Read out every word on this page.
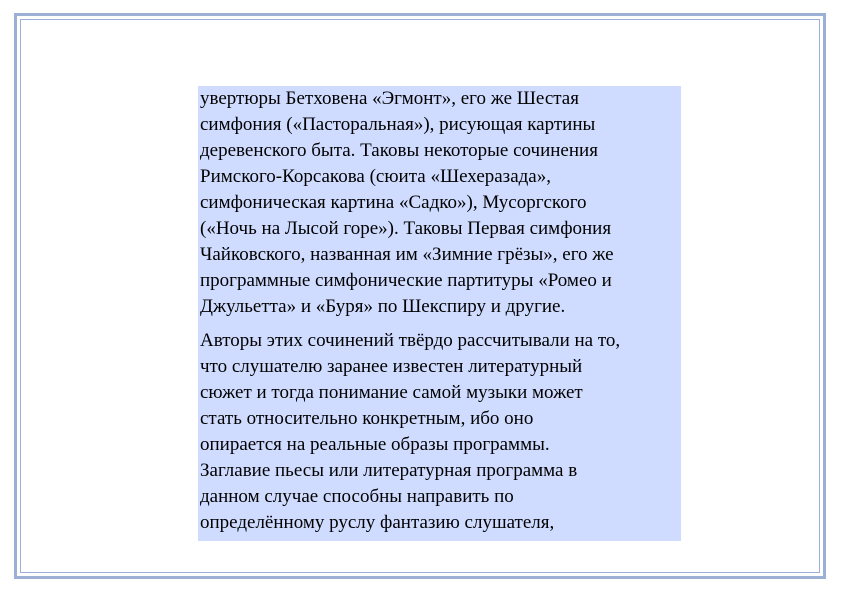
увертюры Бетховена «Эгмонт», его же Шестая
симфония («Пасторальная»), рисующая картины
деревенского быта. Таковы некоторые сочинения
Римского-Корсакова (сюита «Шехеразада»,
симфоническая картина «Садко»), Мусоргского
(«Ночь на Лысой горе»). Таковы Первая симфония
Чайковского, названная им «Зимние грёзы», его же
программные симфонические партитуры «Ромео и
Джульетта» и «Буря» по Шекспиру и другие.

Авторы этих сочинений твёрдо рассчитывали на то,
что слушателю заранее известен литературный
сюжет и тогда понимание самой музыки может
стать относительно конкретным, ибо оно
опирается на реальные образы программы.
Заглавие пьесы или литературная программа в
данном случае способны направить по
определённому руслу фантазию слушателя,
